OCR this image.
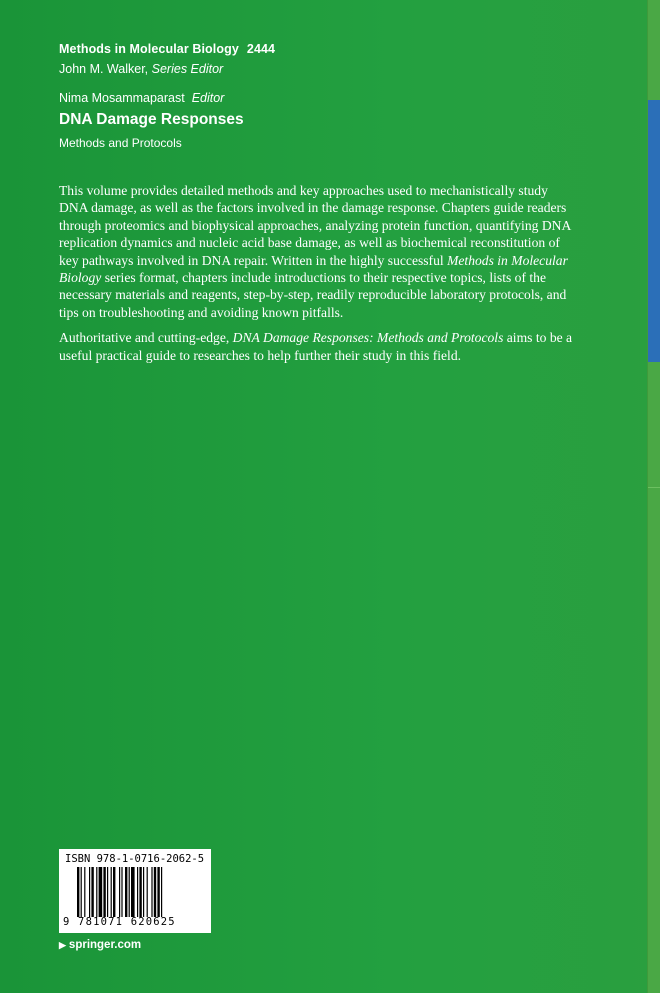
Methods in Molecular Biology 2444
John M. Walker, Series Editor
Nima Mosammaparast Editor
DNA Damage Responses
Methods and Protocols

This volume provides detailed methods and key approaches used to mechanistically study DNA damage, as well as the factors involved in the damage response. Chapters guide readers through proteomics and biophysical approaches, analyzing protein function, quantifying DNA replication dynamics and nucleic acid base damage, as well as biochemical reconstitution of key pathways involved in DNA repair. Written in the highly successful Methods in Molecular Biology series format, chapters include introductions to their respective topics, lists of the necessary materials and reagents, step-by-step, readily reproducible laboratory protocols, and tips on troubleshooting and avoiding known pitfalls.

Authoritative and cutting-edge, DNA Damage Responses: Methods and Protocols aims to be a useful practical guide to researches to help further their study in this field.

ISBN 978-1-0716-2062-5
9 781071 620625
▶ springer.com
